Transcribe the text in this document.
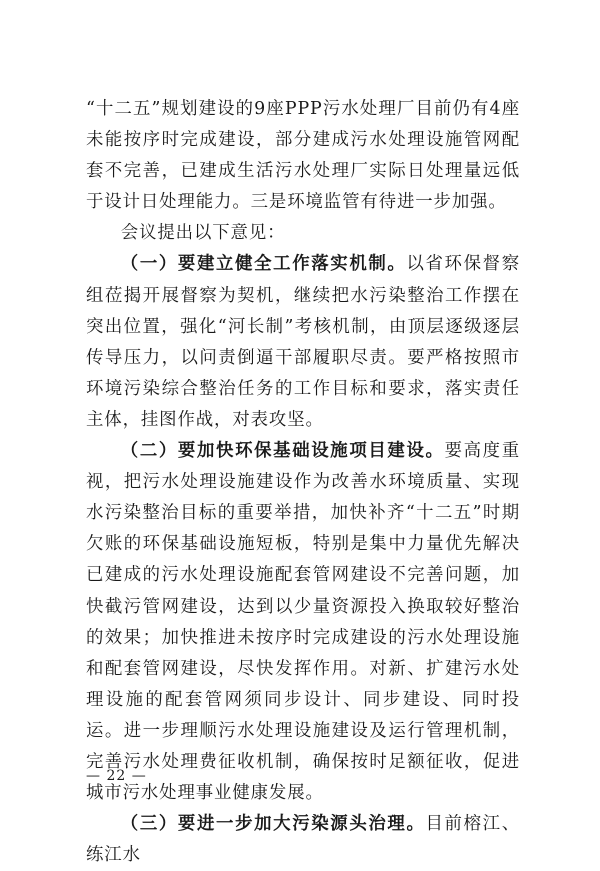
“十二五”规划建设的9座PPP污水处理厂目前仍有4座未能按序时完成建设，部分建成污水处理设施管网配套不完善，已建成生活污水处理厂实际日处理量远低于设计日处理能力。三是环境监管有待进一步加强。

会议提出以下意见：

（一）要建立健全工作落实机制。以省环保督察组莅揭开展督察为契机，继续把水污染整治工作摆在突出位置，强化“河长制”考核机制，由顶层逐级逐层传导压力，以问责倒逼干部履职尽责。要严格按照市环境污染综合整治任务的工作目标和要求，落实责任主体，挂图作战，对表攻坚。

（二）要加快环保基础设施项目建设。要高度重视，把污水处理设施建设作为改善水环境质量、实现水污染整治目标的重要举措，加快补齐“十二五”时期欠账的环保基础设施短板，特别是集中力量优先解决已建成的污水处理设施配套管网建设不完善问题，加快截污管网建设，达到以少量资源投入换取较好整治的效果；加快推进未按序时完成建设的污水处理设施和配套管网建设，尽快发挥作用。对新、扩建污水处理设施的配套管网须同步设计、同步建设、同时投运。进一步理顺污水处理设施建设及运行管理机制，完善污水处理费征收机制，确保按时足额征收，促进城市污水处理事业健康发展。

（三）要进一步加大污染源头治理。目前榕江、练江水

— 22 —
